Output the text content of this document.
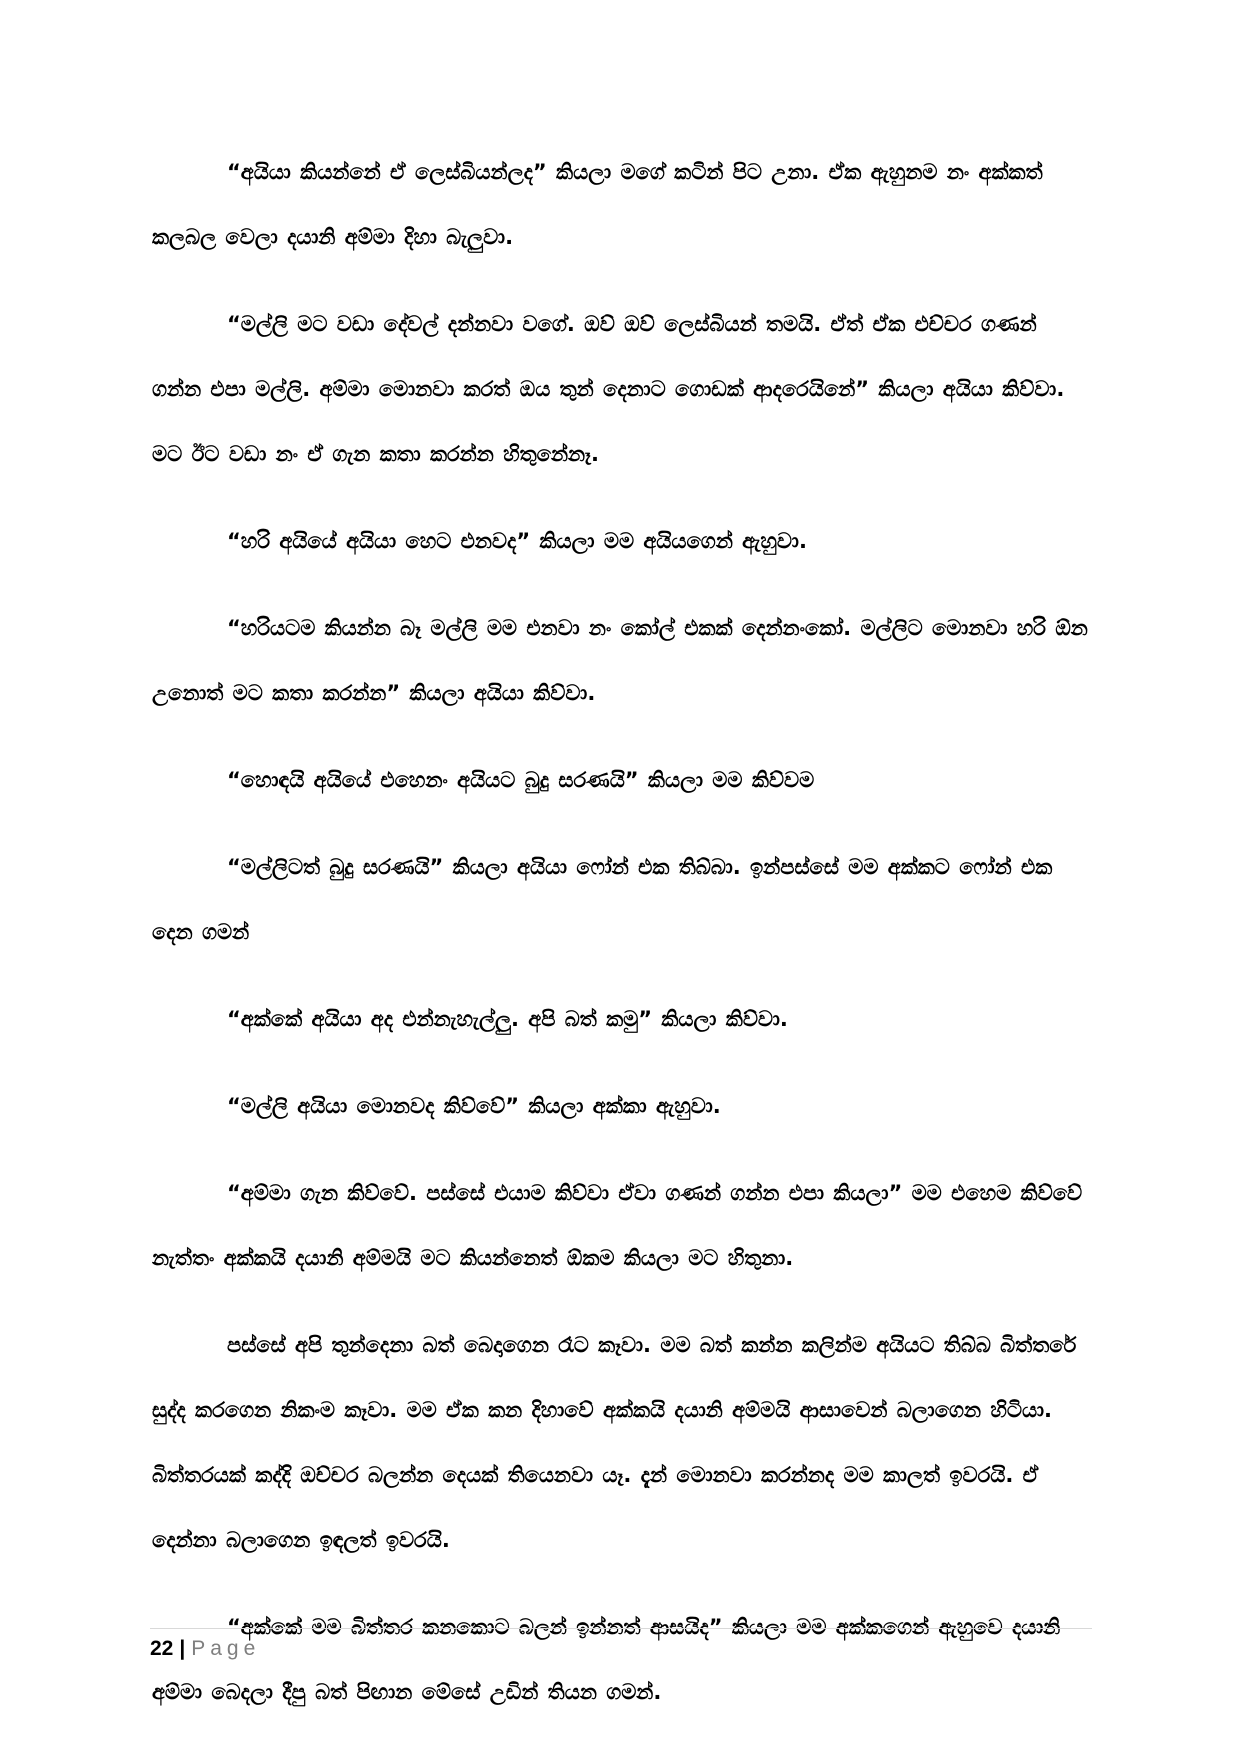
“අයියා කියන්නේ ඒ ලෙස්බියන්ලද” කියලා මගේ කටින් පිට උනා. ඒක ඇහුනම නං අක්කත් කලබල වෙලා දයානි අම්මා දිහා බැලුවා.

“මල්ලි මට වඩා දේවල් දන්නවා වගේ. ඔව් ඔව් ලෙස්බියන් තමයි. ඒත් ඒක එච්චර ගණන් ගන්න එපා මල්ලි. අම්මා මොනවා කරත් ඔය තුන් දෙනාට ගොඩක් ආදරෙයිනේ” කියලා අයියා කිව්වා. මට ඊට වඩා නං ඒ ගැන කතා කරන්න හිතුනේනෑ.

“හරි අයියේ අයියා හෙට එනවද” කියලා මම අයියගෙන් ඇහුවා.

“හරියටම කියන්න බෑ මල්ලි මම එනවා නං කෝල් එකක් දෙන්නංකෝ. මල්ලිට මොනවා හරි ඕන උනොත් මට කතා කරන්න” කියලා අයියා කිව්වා.

“හොඳයි අයියේ එහෙනං අයියට බුදු සරණයි” කියලා මම කිව්වම

“මල්ලිටත් බුදු සරණයි” කියලා අයියා ෆෝන් එක තිබ්බා. ඉන්පස්සේ මම අක්කට ෆෝන් එක දෙන ගමන්

“අක්කේ අයියා අද එන්නැහැල්ලු. අපි බත් කමු” කියලා කිව්වා.

“මල්ලි අයියා මොනවද කිව්වේ” කියලා අක්කා ඇහුවා.

“අම්මා ගැන කිව්වේ. පස්සේ එයාම කිව්වා ඒවා ගණන් ගන්න එපා කියලා” මම එහෙම කිව්වේ නැත්තං අක්කයි දයානි අම්මයි මට කියන්නෙත් ඕකම කියලා මට හිතුනා.

පස්සේ අපි තුන්දෙනා බත් බෙදාගෙන රෑට කෑවා. මම බත් කන්න කලින්ම අයියට තිබ්බ බිත්තරේ සුද්ද කරගෙන නිකංම කෑවා. මම ඒක කන දිහාවේ අක්කයි දයානි අම්මයි ආසාවෙන් බලාගෙන හිටියා. බිත්තරයක් කද්දි ඔච්චර බලන්න දෙයක් තියෙනවා යෑ. දැන් මොනවා කරන්නද මම කාලත් ඉවරයි. ඒ දෙන්නා බලාගෙන ඉඳලත් ඉවරයි.

“අක්කේ මම බිත්තර කනකොට බලන් ඉන්නත් ආසයිද” කියලා මම අක්කගෙන් ඇහුවෙ දයානි අම්මා බෙදලා දීපු බත් පිඟාන මේසේ උඩින් තියන ගමන්.

22 | Page
